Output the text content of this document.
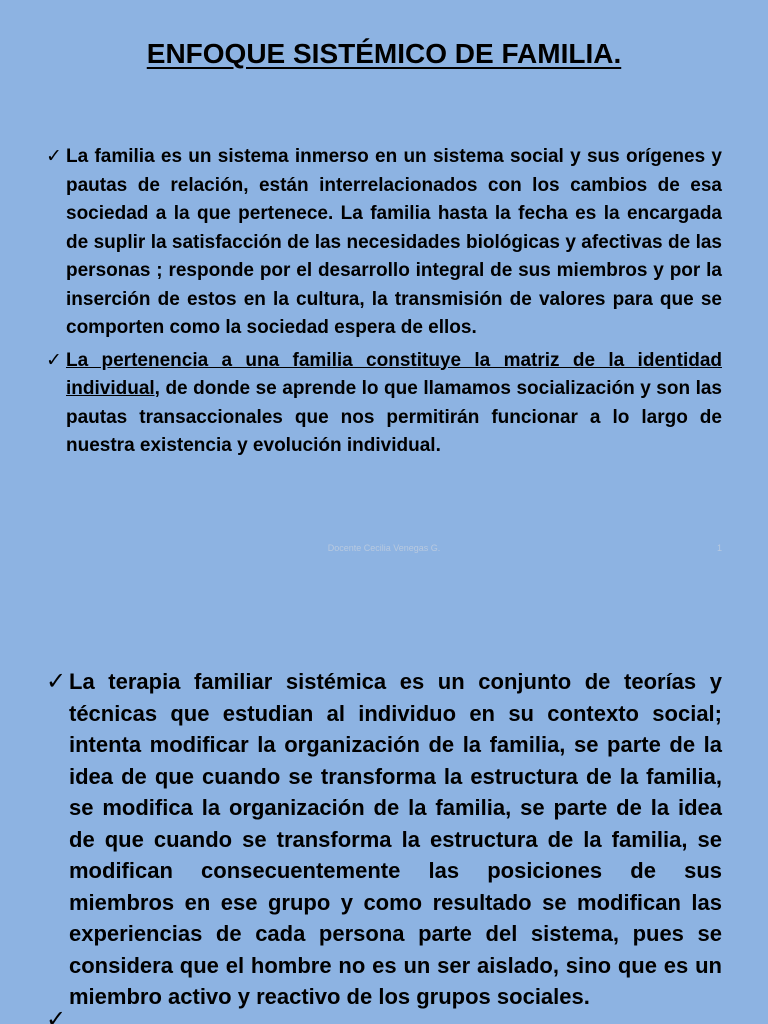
ENFOQUE SISTÉMICO DE FAMILIA.
✓ La familia es un sistema inmerso en un sistema social y sus orígenes y pautas de relación, están interrelacionados con los cambios de esa sociedad a la que pertenece. La familia hasta la fecha es la encargada de suplir la satisfacción de las necesidades biológicas y afectivas de las personas ; responde por el desarrollo integral de sus miembros y por la inserción de estos en la cultura, la transmisión de valores para que se comporten como la sociedad espera de ellos.
✓ La pertenencia a una familia constituye la matriz de la identidad individual, de donde se aprende lo que llamamos socialización y son las pautas transaccionales que nos permitirán funcionar a lo largo de nuestra existencia y evolución individual.
Docente Cecilia Venegas G.	1
✓ La terapia familiar sistémica es un conjunto de teorías y técnicas que estudian al individuo en su contexto social; intenta modificar la organización de la familia, se parte de la idea de que cuando se transforma la estructura de la familia, se modifica la organización de la familia, se parte de la idea de que cuando se transforma la estructura de la familia, se modifican consecuentemente las posiciones de sus miembros en ese grupo y como resultado se modifican las experiencias de cada persona parte del sistema, pues se considera que el hombre no es un ser aislado, sino que es un miembro activo y reactivo de los grupos sociales.
✓
